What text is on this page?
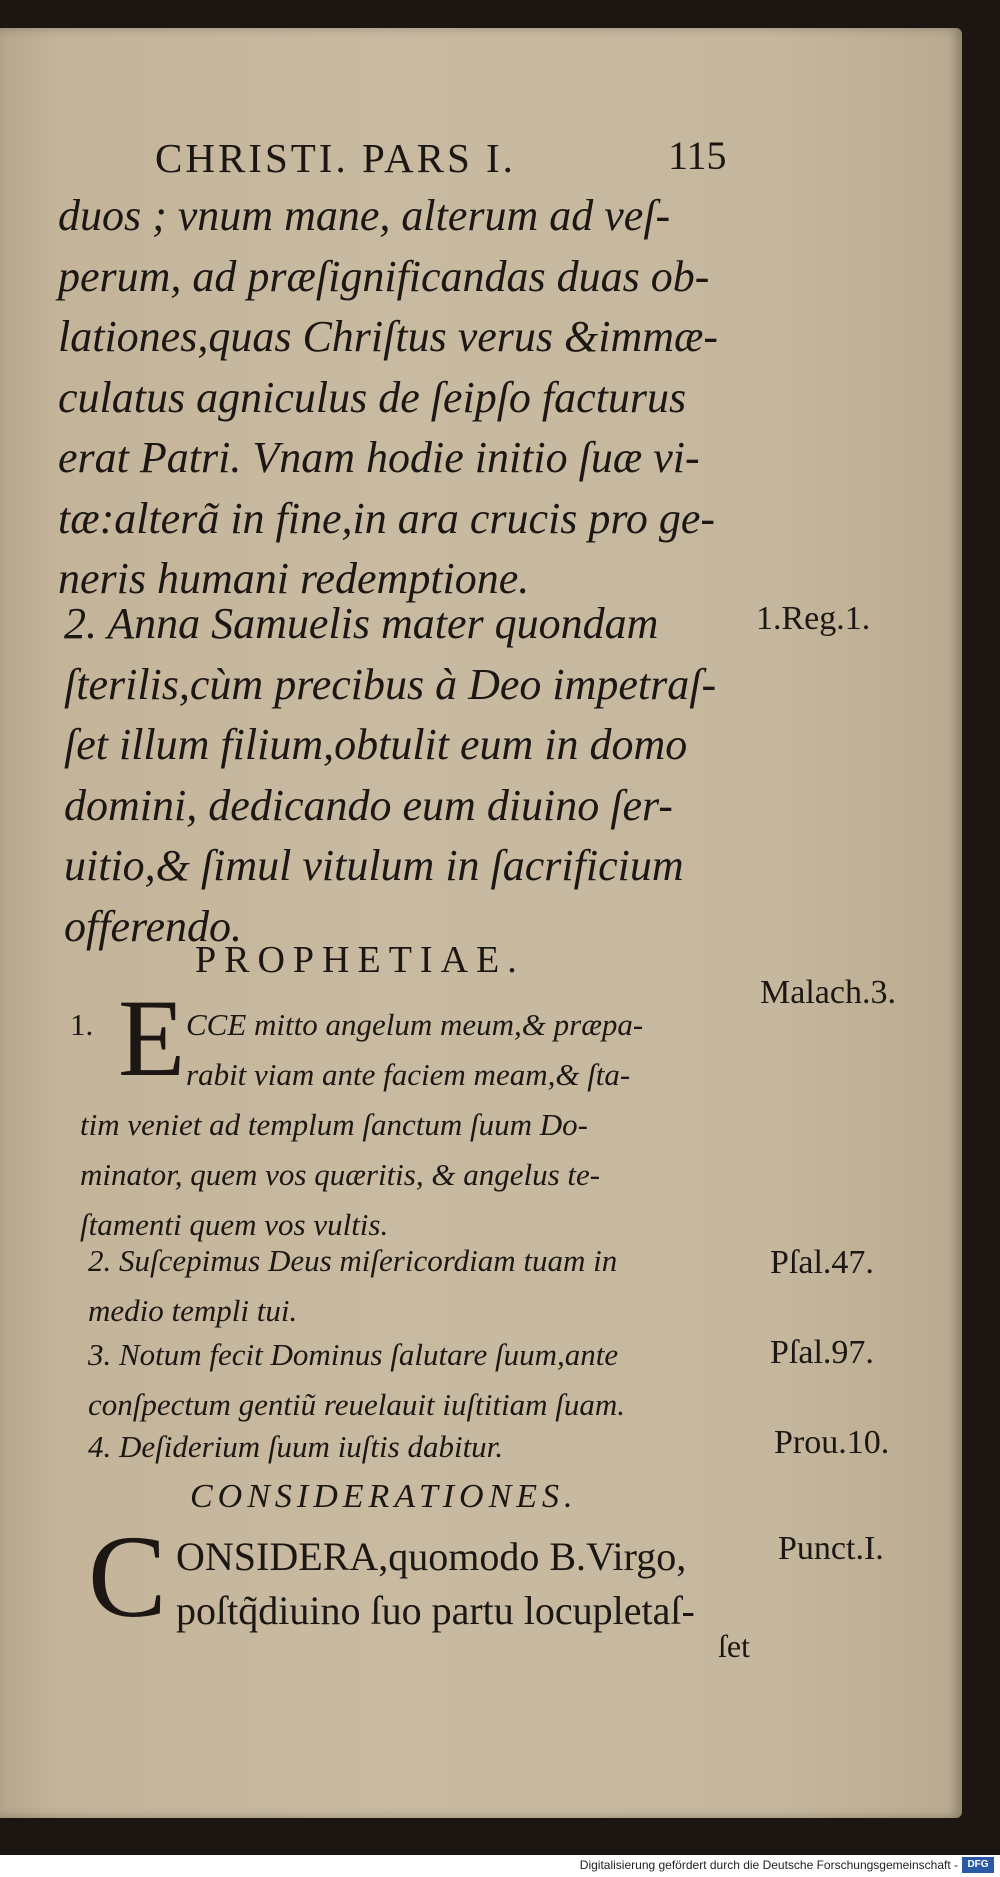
CHRISTI. PARS I.	115
duos ; vnum mane, alterum ad veſ-
perum, ad præſignificandas duas ob-
lationes,quas Chriſtus verus &immæ-
culatus agniculus de ſeipſo facturus
erat Patri. Vnam hodie initio ſuæ vi-
tæ:alterã in fine,in ara crucis pro ge-
neris humani redemptione.
2. Anna Samuelis mater quondam
ſterilis,cùm precibus à Deo impetraſ-
ſet illum filium,obtulit eum in domo
domini, dedicando eum diuino ſer-
uitio,& ſimul vitulum in ſacrificium
offerendo.
1.Reg.1.
PROPHETIAE.
Malach.3.
1. E CCE mitto angelum meum,& præpa-
rabit viam ante faciem meam,& ſta-
tim veniet ad templum ſanctum ſuum Do-
minator, quem vos quæritis, & angelus te-
ſtamenti quem vos vultis.
2. Suſcepimus Deus miſericordiam tuam in
medio templi tui.
Pſal.47.
3. Notum fecit Dominus ſalutare ſuum,ante
conſpectum gentiũ reuelauit iuſtitiam ſuam.
Pſal.97.
4. Deſiderium ſuum iuſtis dabitur.	Prou.10.
CONSIDERATIONES.
C ONSIDERA,quomodo B.Virgo,
poſtq̃diuino ſuo partu locupletaſ-
Punct.I.
ſet
Digitalisierung gefördert durch die Deutsche Forschungsgemeinschaft - DFG
